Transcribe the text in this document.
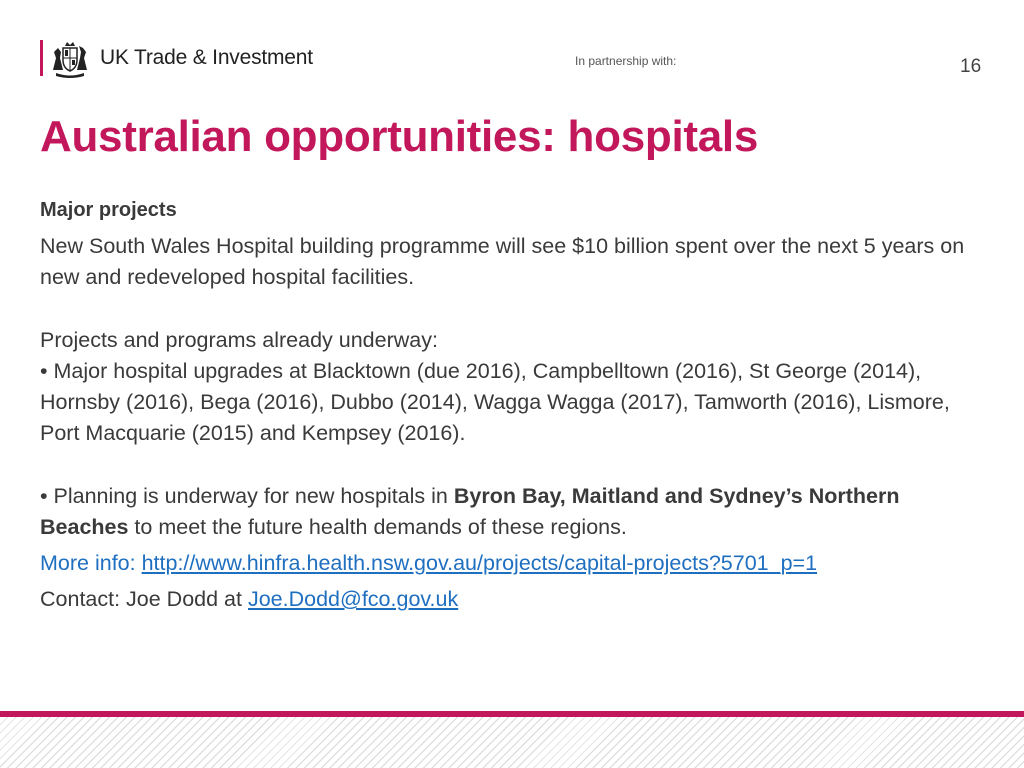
UK Trade & Investment	In partnership with:	16
Australian opportunities: hospitals

Major projects

New South Wales Hospital building programme will see $10 billion spent over the next 5 years on new and redeveloped hospital facilities.

Projects and programs already underway:

• Major hospital upgrades at Blacktown (due 2016), Campbelltown (2016), St George (2014), Hornsby (2016), Bega (2016), Dubbo (2014), Wagga Wagga (2017), Tamworth (2016), Lismore, Port Macquarie (2015) and Kempsey (2016).

• Planning is underway for new hospitals in Byron Bay, Maitland and Sydney’s Northern Beaches to meet the future health demands of these regions.

More info: http://www.hinfra.health.nsw.gov.au/projects/capital-projects?5701_p=1

Contact: Joe Dodd at Joe.Dodd@fco.gov.uk
